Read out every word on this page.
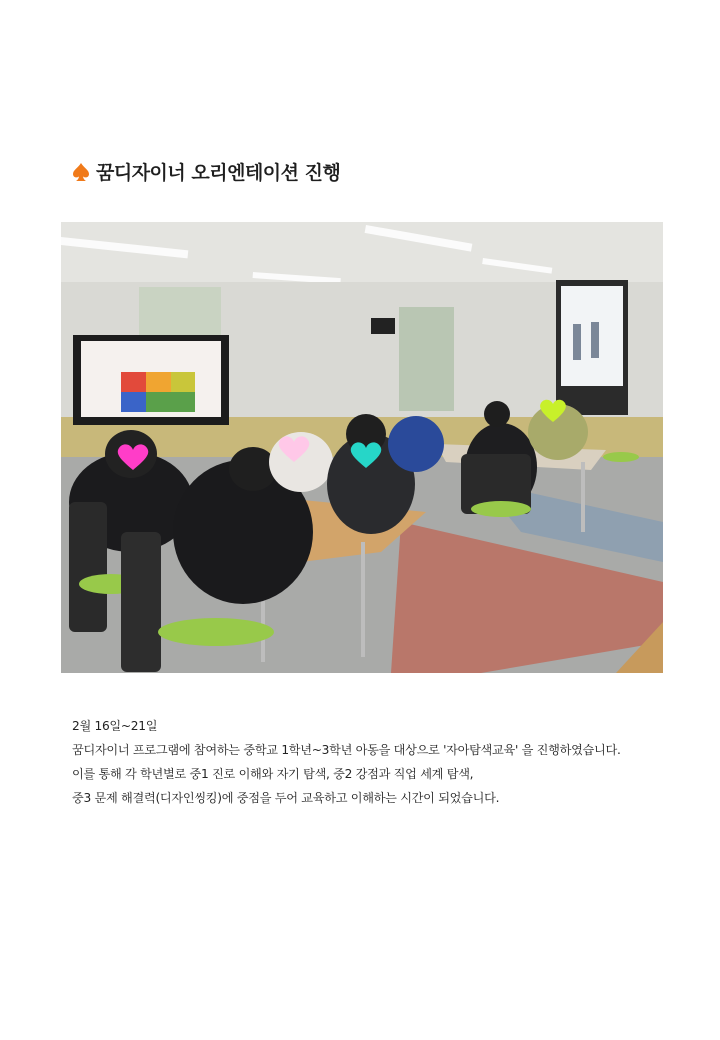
꿈디자이너 오리엔테이션 진행

2월 16일~21일

꿈디자이너 프로그램에 참여하는 중학교 1학년~3학년 아동을 대상으로 '자아탐색교육' 을 진행하였습니다.

이를 통해 각 학년별로 중1 진로 이해와 자기 탐색, 중2 강점과 직업 세계 탐색,

중3 문제 해결력(디자인씽킹)에 중점을 두어 교육하고 이해하는 시간이 되었습니다.
